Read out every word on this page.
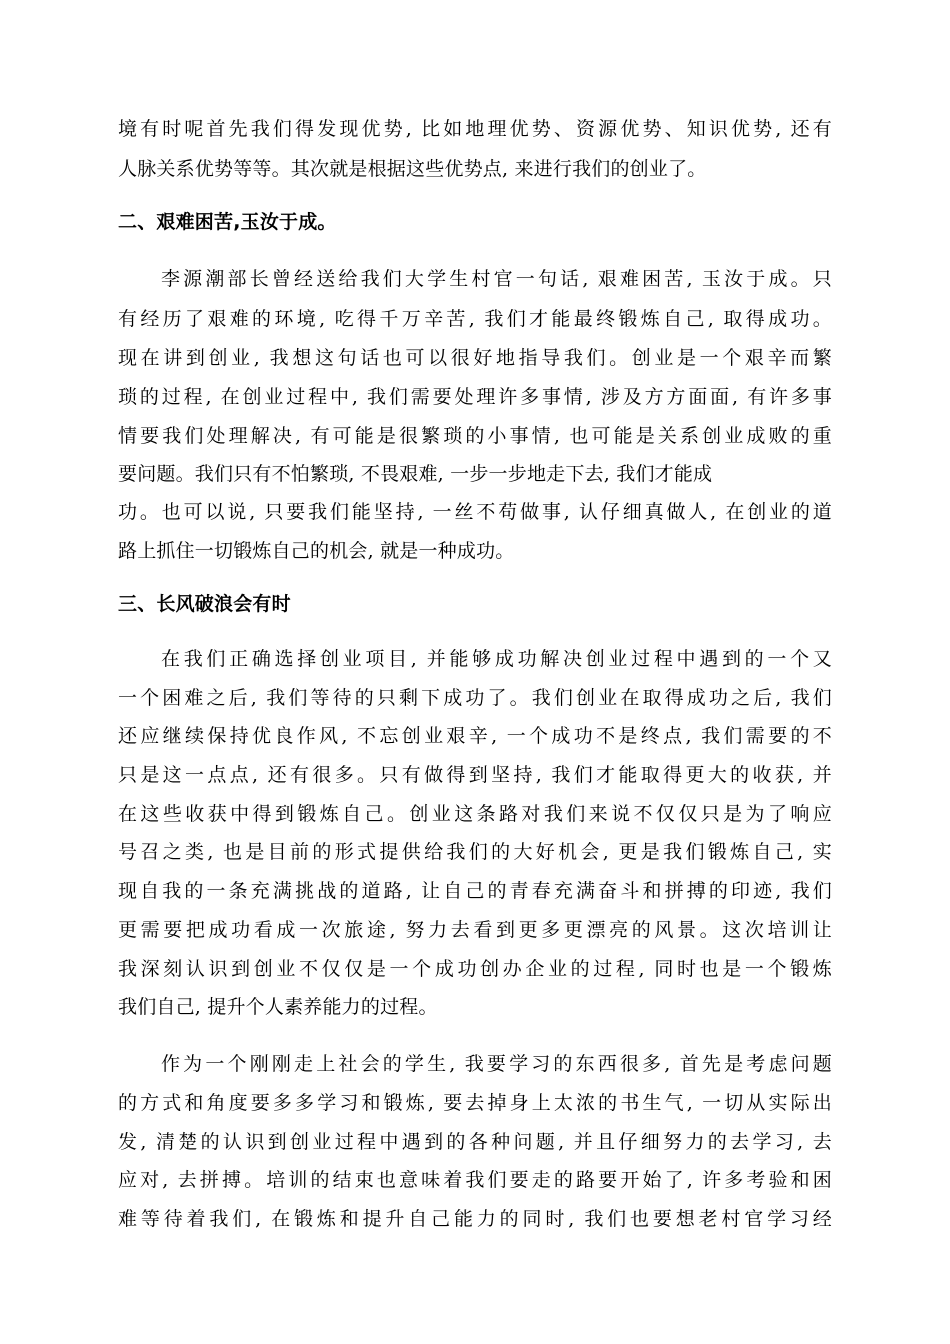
境有时呢首先我们得发现优势, 比如地理优势、资源优势、知识优势, 还有
人脉关系优势等等。其次就是根据这些优势点, 来进行我们的创业了。
二、艰难困苦,玉汝于成。
李源潮部长曾经送给我们大学生村官一句话, 艰难困苦, 玉汝于成。只
有经历了艰难的环境, 吃得千万辛苦, 我们才能最终锻炼自己, 取得成功。
现在讲到创业, 我想这句话也可以很好地指导我们。创业是一个艰辛而繁
琐的过程, 在创业过程中, 我们需要处理许多事情, 涉及方方面面, 有许多事
情要我们处理解决, 有可能是很繁琐的小事情, 也可能是关系创业成败的重
要问题。我们只有不怕繁琐, 不畏艰难, 一步一步地走下去, 我们才能成
功。也可以说, 只要我们能坚持, 一丝不苟做事, 认仔细真做人, 在创业的道
路上抓住一切锻炼自己的机会, 就是一种成功。
三、长风破浪会有时
在我们正确选择创业项目, 并能够成功解决创业过程中遇到的一个又
一个困难之后, 我们等待的只剩下成功了。我们创业在取得成功之后, 我们
还应继续保持优良作风, 不忘创业艰辛, 一个成功不是终点, 我们需要的不
只是这一点点, 还有很多。只有做得到坚持, 我们才能取得更大的收获, 并
在这些收获中得到锻炼自己。创业这条路对我们来说不仅仅只是为了响应
号召之类, 也是目前的形式提供给我们的大好机会, 更是我们锻炼自己, 实
现自我的一条充满挑战的道路, 让自己的青春充满奋斗和拼搏的印迹, 我们
更需要把成功看成一次旅途, 努力去看到更多更漂亮的风景。这次培训让
我深刻认识到创业不仅仅是一个成功创办企业的过程, 同时也是一个锻炼
我们自己, 提升个人素养能力的过程。
作为一个刚刚走上社会的学生, 我要学习的东西很多, 首先是考虑问题
的方式和角度要多多学习和锻炼, 要去掉身上太浓的书生气, 一切从实际出
发, 清楚的认识到创业过程中遇到的各种问题, 并且仔细努力的去学习, 去
应对, 去拼搏。培训的结束也意味着我们要走的路要开始了, 许多考验和困
难等待着我们, 在锻炼和提升自己能力的同时, 我们也要想老村官学习经
